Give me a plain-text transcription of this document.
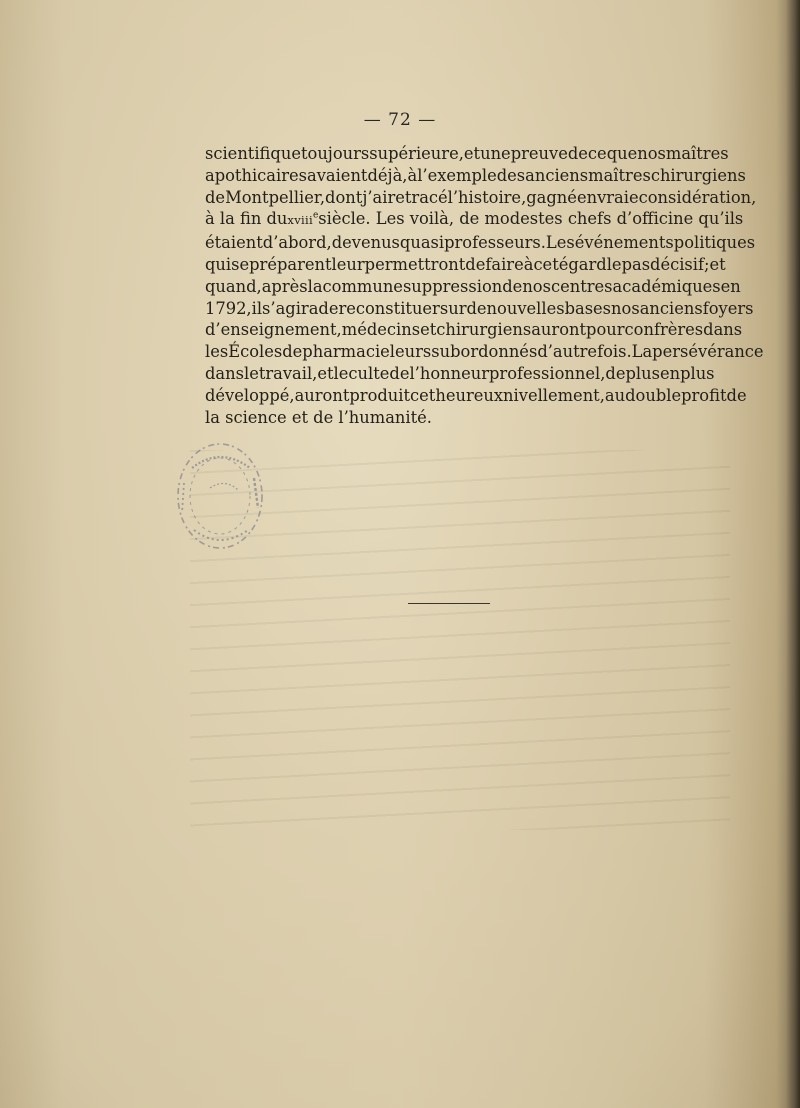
— 72 —
scientifique toujours supérieure, et une preuve de ce que nos maîtres
apothicaires avaient déjà, à l’exemple des anciens maîtres chirurgiens
de Montpellier, dont j’ai retracé l’histoire, gagné en vraie considération,
à la fin du xviii$^e$ siècle. Les voilà, de modestes chefs d’officine qu’ils
étaient d’abord, devenus quasi professeurs. Les événements politiques
qui se préparent leur permettront de faire à cet égard le pas décisif; et
quand, après la commune suppression de nos centres académiques en
1792, il s’agira de reconstituer sur de nouvelles bases nos anciens foyers
d’enseignement, médecins et chirurgiens auront pour confrères dans
les Écoles de pharmacie leurs subordonnés d’autrefois. La persévérance
dans le travail, et le culte de l’honneur professionnel, de plus en plus
développé, auront produit cet heureux nivellement, au double profit de
la science et de l’humanité.
